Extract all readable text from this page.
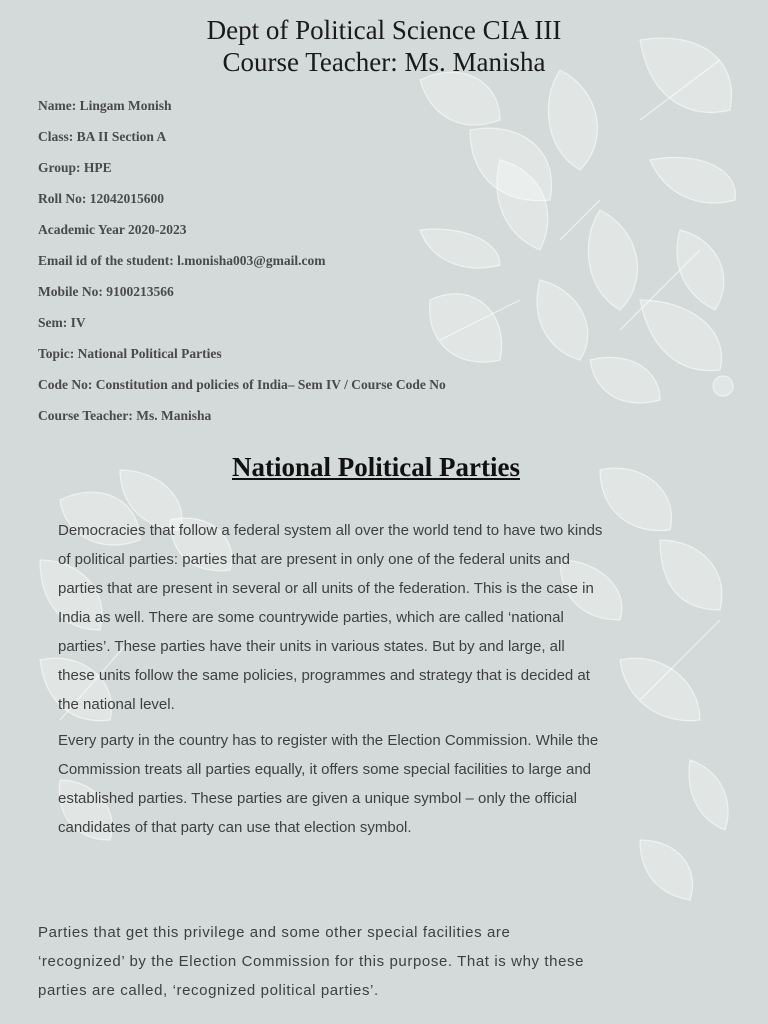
Dept of Political Science CIA III
Course Teacher: Ms. Manisha
Name: Lingam Monish
Class: BA II Section A
Group: HPE
Roll No: 12042015600
Academic Year 2020-2023
Email id of the student: l.monisha003@gmail.com
Mobile No: 9100213566
Sem: IV
Topic: National Political Parties
Code No: Constitution and policies of India– Sem IV / Course Code No
Course Teacher: Ms. Manisha
National Political Parties
Democracies that follow a federal system all over the world tend to have two kinds
of political parties: parties that are present in only one of the federal units and
parties that are present in several or all units of the federation. This is the case in
India as well. There are some countrywide parties, which are called ‘national
parties’. These parties have their units in various states. But by and large, all
these units follow the same policies, programmes and strategy that is decided at
the national level.
Every party in the country has to register with the Election Commission. While the
Commission treats all parties equally, it offers some special facilities to large and
established parties. These parties are given a unique symbol – only the official
candidates of that party can use that election symbol.
Parties that get this privilege and some other special facilities are
‘recognized’ by the Election Commission for this purpose. That is why these
parties are called, ‘recognized political parties’.
